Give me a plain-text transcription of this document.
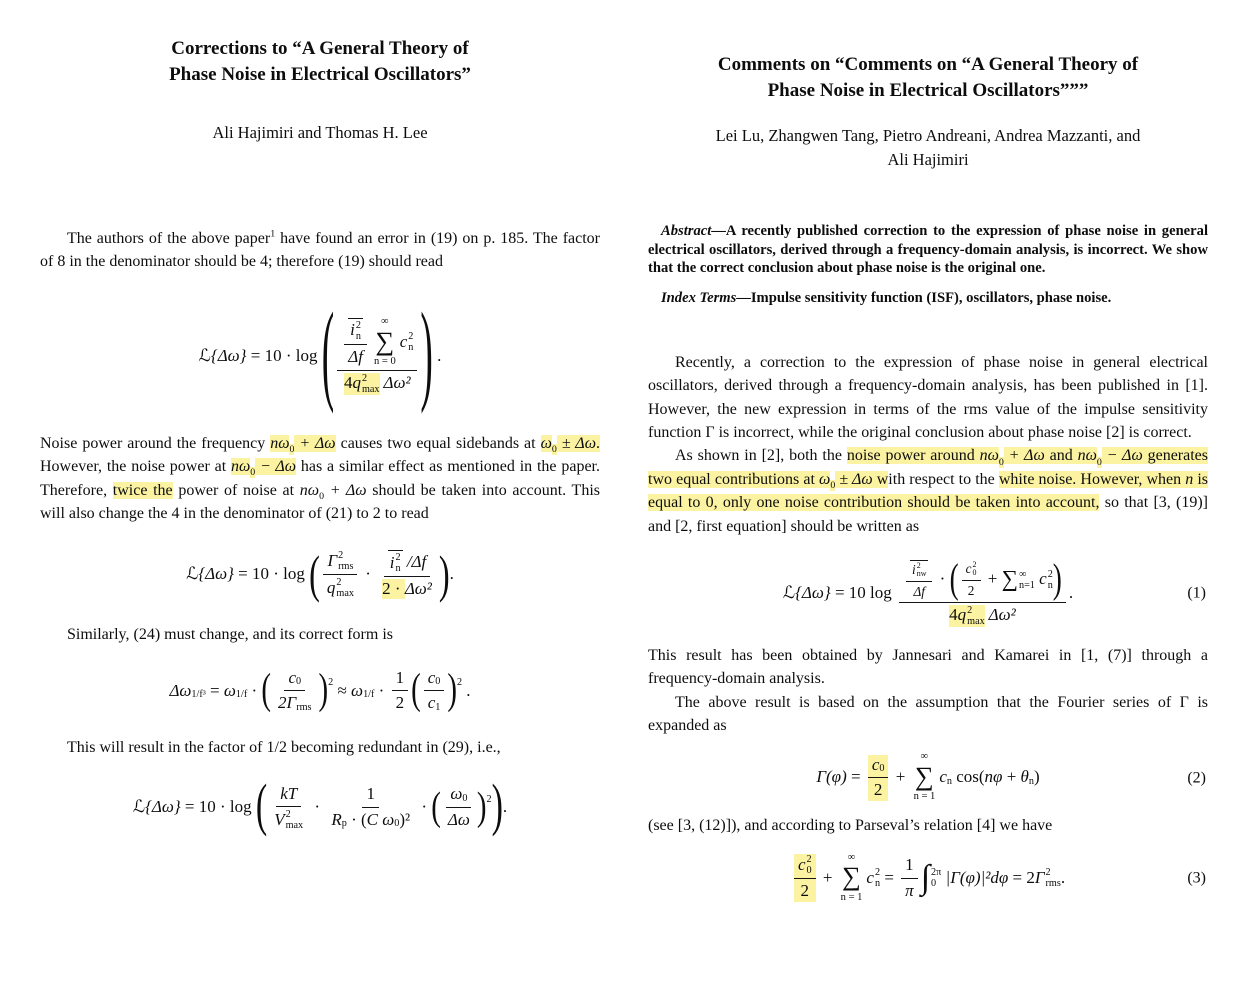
Corrections to “A General Theory of
Phase Noise in Electrical Oscillators”
Ali Hajimiri and Thomas H. Lee

The authors of the above paper$^1$ have found an error in (19) on p. 185. The factor of 8 in the denominator should be 4; therefore (19) should read

ℒ{Δω} = 10 · log ( i 2
n
Δf
∞
∑
n = 0
c 2
n
4 q 2
max Δω² ) .

Noise power around the frequency $n\omega_0 + \Delta\omega$ causes two equal sidebands at $\omega_0 \pm \Delta\omega$. However, the noise power at $n\omega_0 - \Delta\omega$ has a similar effect as mentioned in the paper. Therefore, twice the power of noise at $n\omega_0 + \Delta\omega$ should be taken into account. This will also change the 4 in the denominator of (21) to 2 to read

ℒ{Δω} = 10 · log ( Γ 2
rms
q 2
max
·
i 2
n /Δf
2 · Δω² ) .

Similarly, (24) must change, and its correct form is

Δω 1/f³ = ω 1/f · ( c 0
2Γ rms ) 2 ≈ ω 1/f ·
1
2 ( c 0
c 1 ) 2 .

This will result in the factor of 1/2 becoming redundant in (29), i.e.,

ℒ{Δω} = 10 · log ( kT
V 2
max
·
1
R p · ( C ω 0 )²
· ( ω 0
Δω ) 2 ) .
Comments on “Comments on “A General Theory of
Phase Noise in Electrical Oscillators”””
Lei Lu, Zhangwen Tang, Pietro Andreani, Andrea Mazzanti, and
Ali Hajimiri

Abstract—A recently published correction to the expression of phase noise in general electrical oscillators, derived through a frequency-domain analysis, is incorrect. We show that the correct conclusion about phase noise is the original one.

Index Terms—Impulse sensitivity function (ISF), oscillators, phase noise.

Recently, a correction to the expression of phase noise in general electrical oscillators, derived through a frequency-domain analysis, has been published in [1]. However, the new expression in terms of the rms value of the impulse sensitivity function Γ is incorrect, while the original conclusion about phase noise [2] is correct.

As shown in [2], both the noise power around $n\omega_0 + \Delta\omega$ and $n\omega_0 - \Delta\omega$ generates two equal contributions at $\omega_0 \pm \Delta\omega$ with respect to the white noise. However, when n is equal to 0, only one noise contribution should be taken into account, so that [3, (19)] and [2, first equation] should be written as

ℒ{Δω} = 10 log
i 2
nw
Δf
· ( c 2
0
2
+ ∑ ∞
n=1
c 2
n )
4 q 2
max Δω²
.	(1)

This result has been obtained by Jannesari and Kamarei in [1, (7)] through a frequency-domain analysis.

The above result is based on the assumption that the Fourier series of Γ is expanded as

$\Gamma(\varphi) = \frac{c 0}{2}$ +
∞
∑
n = 1
c n cos( nφ + θ n )	(2)

(see [3, (12)]), and according to Parseval’s relation [4] we have

c 2
0
2
+
∞
∑
n = 1
c 2
$n = \frac{1}{\pi}$ ∫ 2π
0 |Γ(φ)|² dφ = 2 Γ 2
rms .	(3)
